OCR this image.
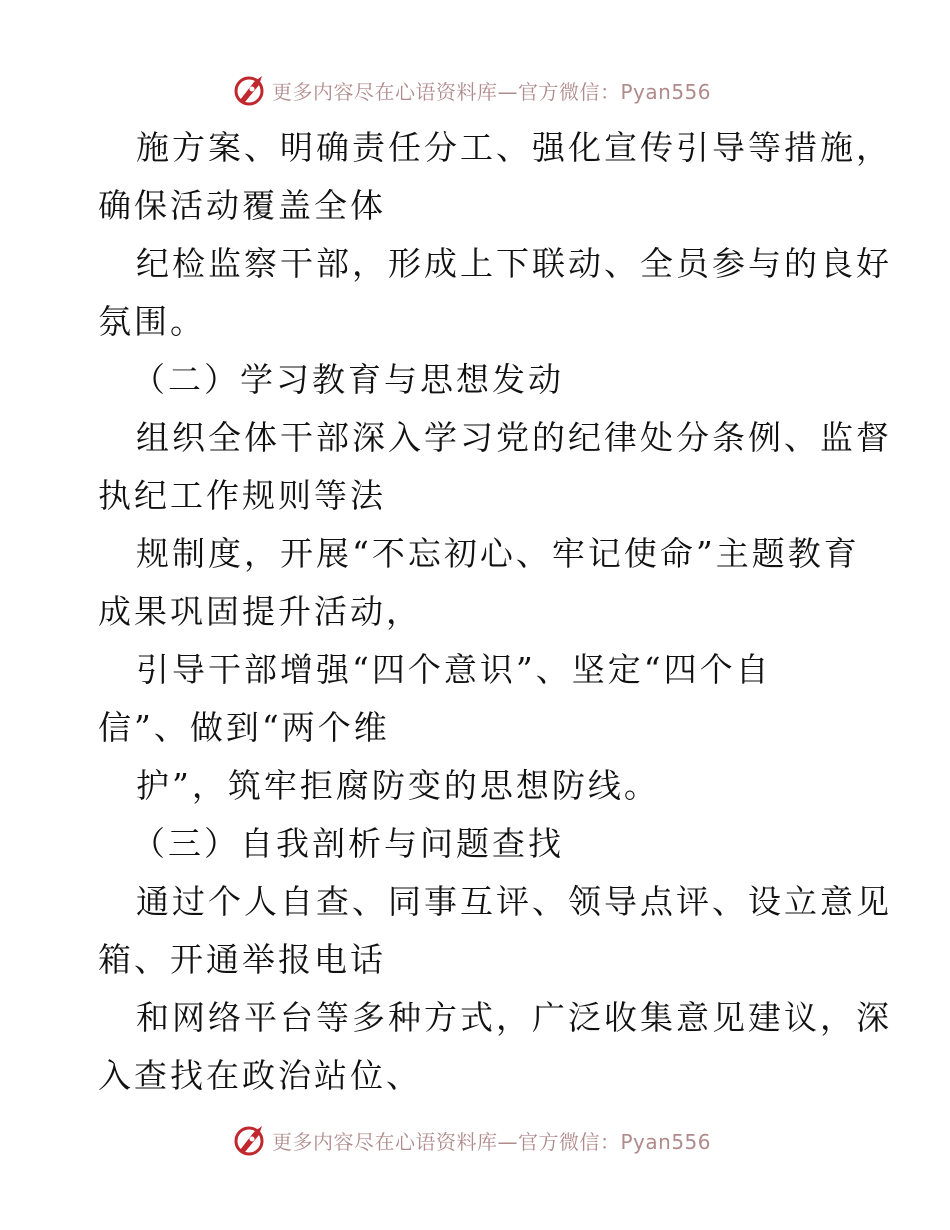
更多内容尽在心语资料库—官方微信：Pyan556
施方案、明确责任分工、强化宣传引导等措施，
确保活动覆盖全体
纪检监察干部，形成上下联动、全员参与的良好
氛围。
（二）学习教育与思想发动
组织全体干部深入学习党的纪律处分条例、监督
执纪工作规则等法
规制度，开展“不忘初心、牢记使命”主题教育
成果巩固提升活动，
引导干部增强“四个意识”、坚定“四个自
信”、做到“两个维
护”，筑牢拒腐防变的思想防线。
（三）自我剖析与问题查找
通过个人自查、同事互评、领导点评、设立意见
箱、开通举报电话
和网络平台等多种方式，广泛收集意见建议，深
入查找在政治站位、
更多内容尽在心语资料库—官方微信：Pyan556
